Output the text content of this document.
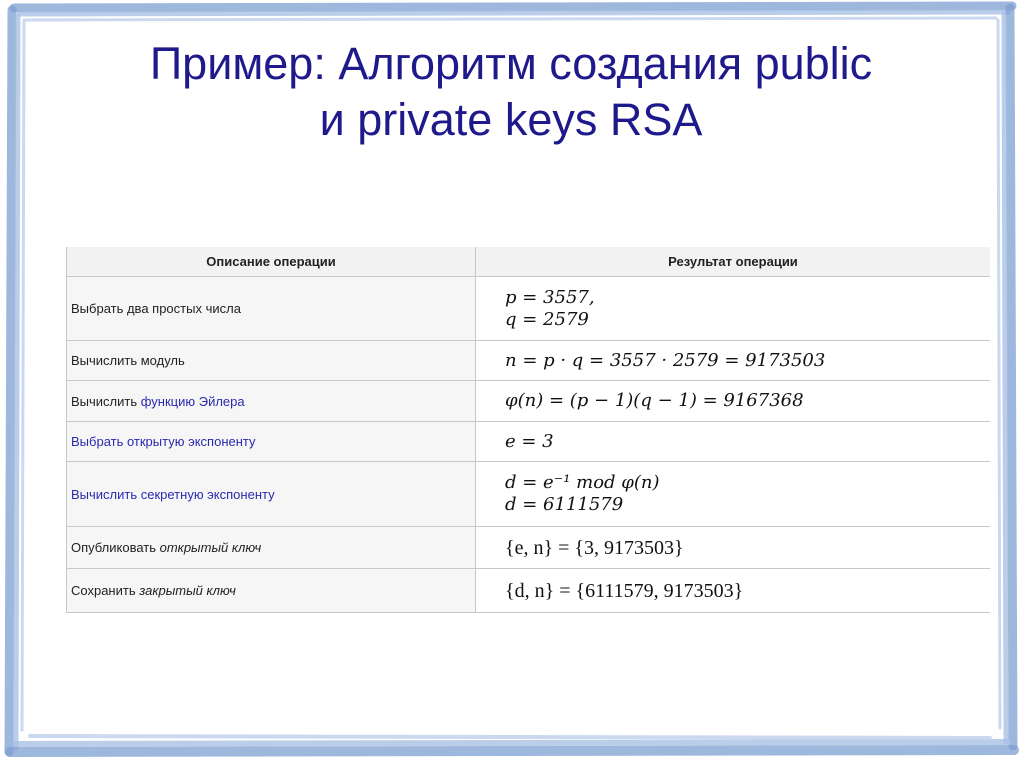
Пример: Алгоритм создания public
и private keys RSA
Описание операции	Результат операции
Выбрать два простых числа	p = 3557,
q = 2579

Вычислить модуль	n = p · q = 3557 · 2579 = 9173503

Вычислить функцию Эйлера	φ(n) = (p − 1)(q − 1) = 9167368

Выбрать открытую экспоненту	e = 3

Вычислить секретную экспоненту	d = e⁻¹ mod φ(n)
d = 6111579

Опубликовать открытый ключ	{e, n} = {3, 9173503}

Сохранить закрытый ключ	{d, n} = {6111579, 9173503}
